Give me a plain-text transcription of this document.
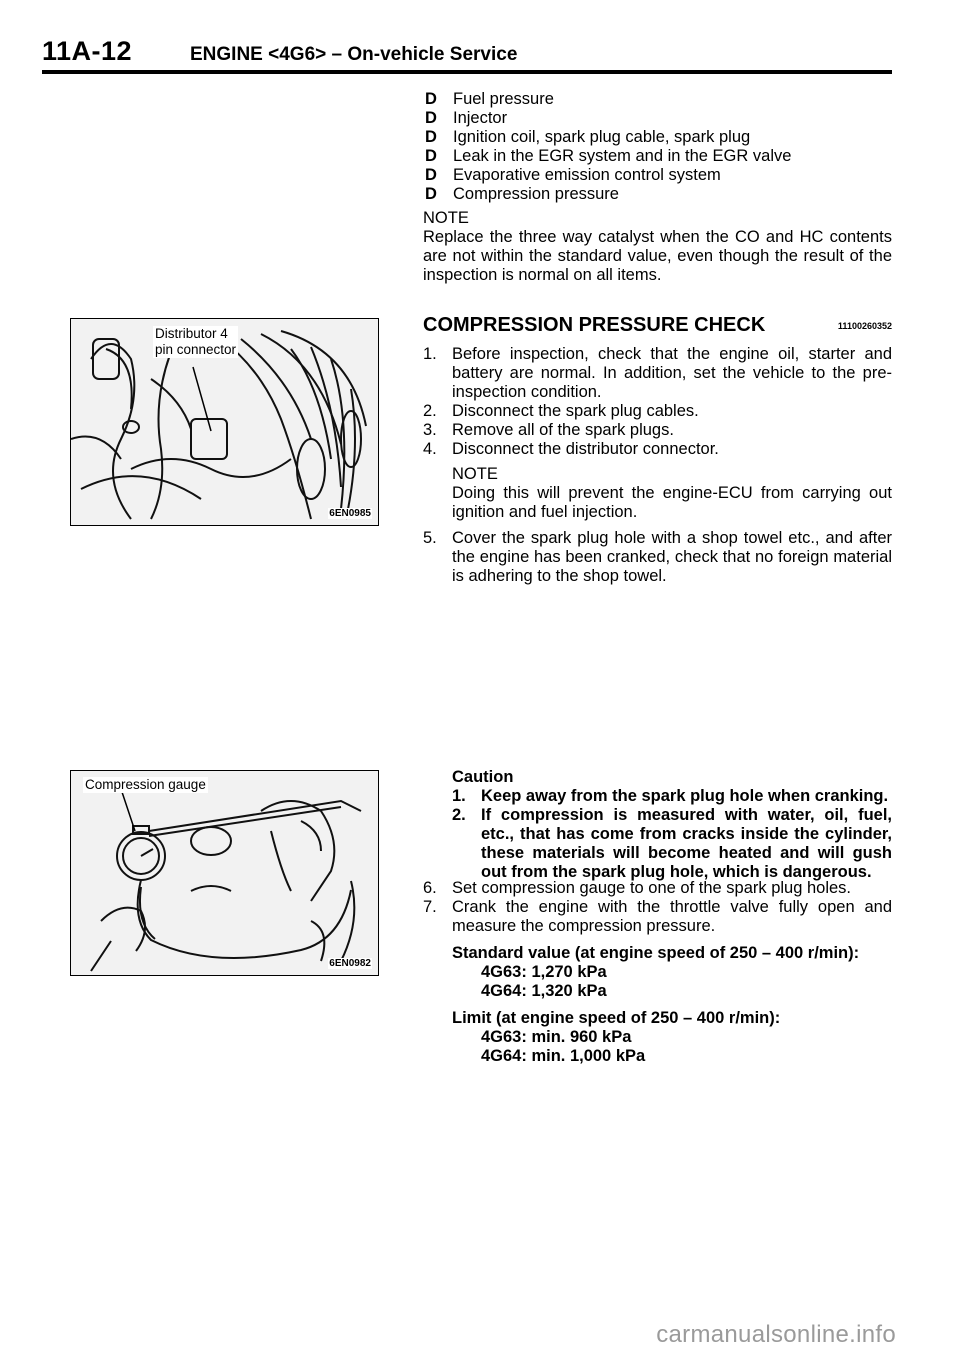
11A-12	ENGINE <4G6> – On-vehicle Service
D Fuel pressure
D Injector
D Ignition coil, spark plug cable, spark plug
D Leak in the EGR system and in the EGR valve
D Evaporative emission control system
D Compression pressure
NOTE
Replace the three way catalyst when the CO and HC contents are not within the standard value, even though the result of the inspection is normal on all items.
COMPRESSION PRESSURE CHECK	11100260352
1. Before inspection, check that the engine oil, starter and battery are normal. In addition, set the vehicle to the pre-inspection condition.
2. Disconnect the spark plug cables.
3. Remove all of the spark plugs.
4. Disconnect the distributor connector.
NOTE
Doing this will prevent the engine-ECU from carrying out ignition and fuel injection.
5. Cover the spark plug hole with a shop towel etc., and after the engine has been cranked, check that no foreign material is adhering to the shop towel.
Caution
1. Keep away from the spark plug hole when cranking.
2. If compression is measured with water, oil, fuel, etc., that has come from cracks inside the cylinder, these materials will become heated and will gush out from the spark plug hole, which is dangerous.
6. Set compression gauge to one of the spark plug holes.
7. Crank the engine with the throttle valve fully open and measure the compression pressure.
Standard value (at engine speed of 250 – 400 r/min):
4G63: 1,270 kPa
4G64: 1,320 kPa
Limit (at engine speed of 250 – 400 r/min):
4G63: min. 960 kPa
4G64: min. 1,000 kPa
Distributor 4
pin connector
6EN0985
Compression gauge
6EN0982
carmanualsonline.info
